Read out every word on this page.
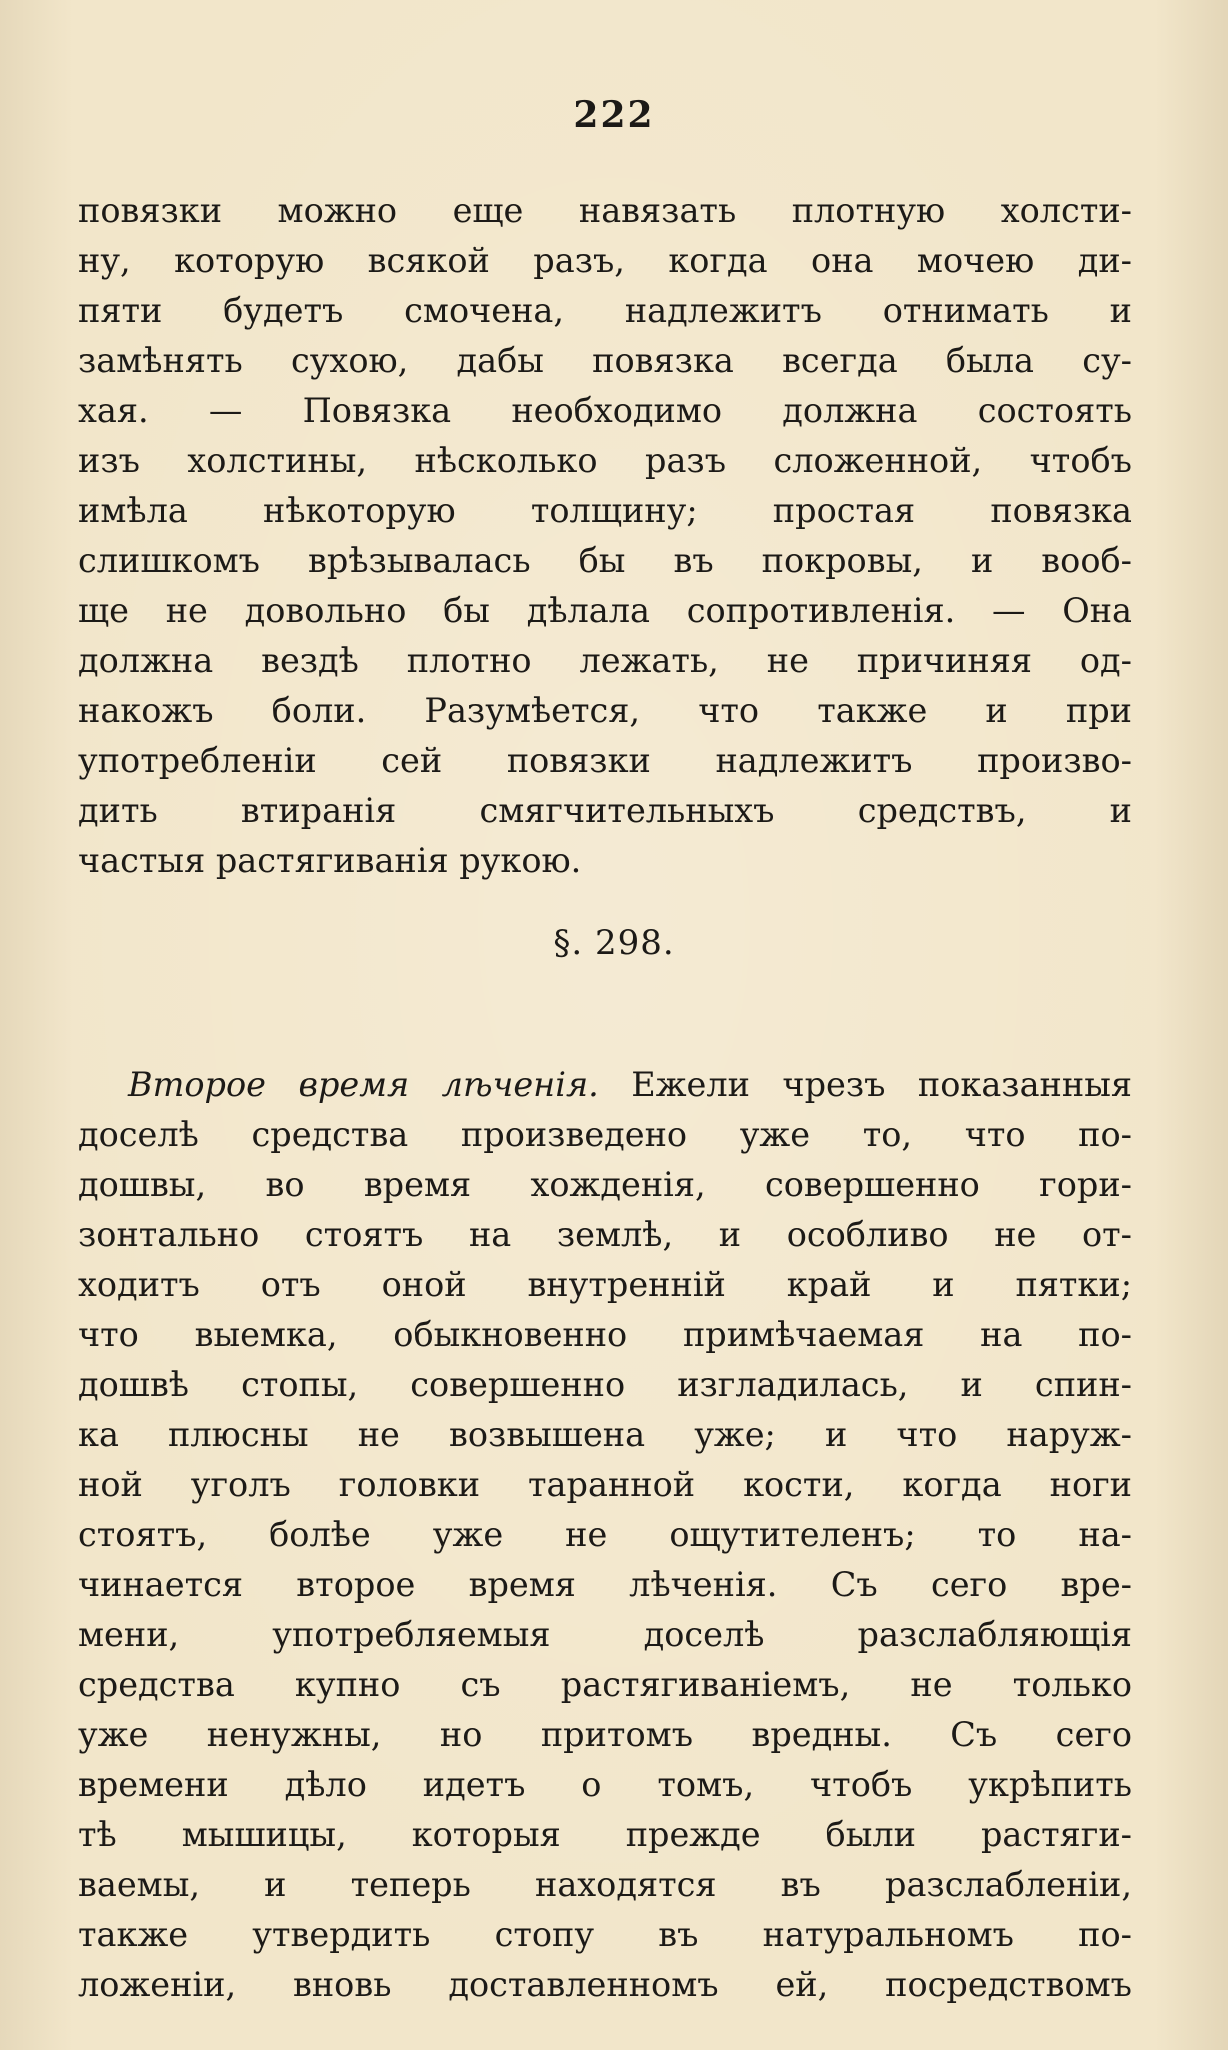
222
повязки можно еще навязать плотную холсти-
ну, которую всякой разъ, когда она мочею ди-
пяти будетъ смочена, надлежитъ отнимать и
замѣнять сухою, дабы повязка всегда была су-
хая. — Повязка необходимо должна состоять
изъ холстины, нѣсколько разъ сложенной, чтобъ
имѣла нѣкоторую толщину; простая повязка
слишкомъ врѣзывалась бы въ покровы, и вооб-
ще не довольно бы дѣлала сопротивленія. — Она
должна вездѣ плотно лежать, не причиняя од-
накожъ боли. Разумѣется, что также и при
употребленіи сей повязки надлежитъ произво-
дить втиранія смягчительныхъ средствъ, и
частыя растягиванія рукою.
§. 298.
Второе время лѣченія. Ежели чрезъ показанныя
доселѣ средства произведено уже то, что по-
дошвы, во время хожденія, совершенно гори-
зонтально стоятъ на землѣ, и особливо не от-
ходитъ отъ оной внутренній край и пятки;
что выемка, обыкновенно примѣчаемая на по-
дошвѣ стопы, совершенно изгладилась, и спин-
ка плюсны не возвышена уже; и что наруж-
ной уголъ головки таранной кости, когда ноги
стоятъ, болѣе уже не ощутителенъ; то на-
чинается второе время лѣченія. Съ сего вре-
мени, употребляемыя доселѣ разслабляющія
средства купно съ растягиваніемъ, не только
уже ненужны, но притомъ вредны. Съ сего
времени дѣло идетъ о томъ, чтобъ укрѣпить
тѣ мышицы, которыя прежде были растяги-
ваемы, и теперь находятся въ разслабленіи,
также утвердить стопу въ натуральномъ по-
ложеніи, вновь доставленномъ ей, посредствомъ
